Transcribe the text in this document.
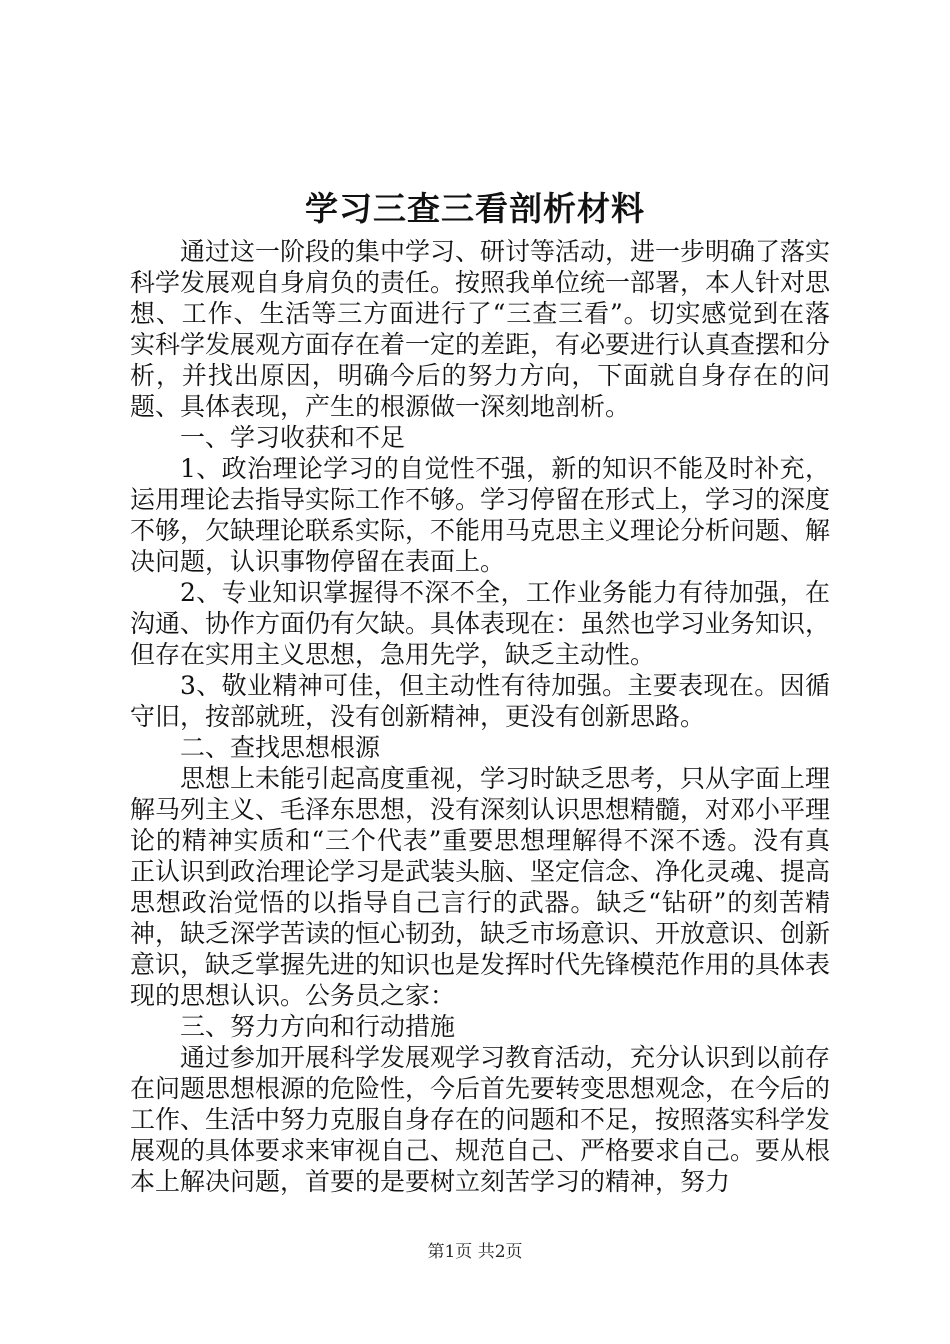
学习三查三看剖析材料

通过这一阶段的集中学习、研讨等活动，进一步明确了落实科学发展观自身肩负的责任。按照我单位统一部署，本人针对思想、工作、生活等三方面进行了“三查三看”。切实感觉到在落实科学发展观方面存在着一定的差距，有必要进行认真查摆和分析，并找出原因，明确今后的努力方向，下面就自身存在的问题、具体表现，产生的根源做一深刻地剖析。

一、学习收获和不足

1、政治理论学习的自觉性不强，新的知识不能及时补充，运用理论去指导实际工作不够。学习停留在形式上，学习的深度不够，欠缺理论联系实际，不能用马克思主义理论分析问题、解决问题，认识事物停留在表面上。

2、专业知识掌握得不深不全，工作业务能力有待加强，在沟通、协作方面仍有欠缺。具体表现在：虽然也学习业务知识，但存在实用主义思想，急用先学，缺乏主动性。

3、敬业精神可佳，但主动性有待加强。主要表现在。因循守旧，按部就班，没有创新精神，更没有创新思路。

二、查找思想根源

思想上未能引起高度重视，学习时缺乏思考，只从字面上理解马列主义、毛泽东思想，没有深刻认识思想精髓，对邓小平理论的精神实质和“三个代表”重要思想理解得不深不透。没有真正认识到政治理论学习是武装头脑、坚定信念、净化灵魂、提高思想政治觉悟的以指导自己言行的武器。缺乏“钻研”的刻苦精神，缺乏深学苦读的恒心韧劲，缺乏市场意识、开放意识、创新意识，缺乏掌握先进的知识也是发挥时代先锋模范作用的具体表现的思想认识。公务员之家：

三、努力方向和行动措施

通过参加开展科学发展观学习教育活动，充分认识到以前存在问题思想根源的危险性，今后首先要转变思想观念，在今后的工作、生活中努力克服自身存在的问题和不足，按照落实科学发展观的具体要求来审视自己、规范自己、严格要求自己。要从根本上解决问题，首要的是要树立刻苦学习的精神，努力

第1页 共2页
